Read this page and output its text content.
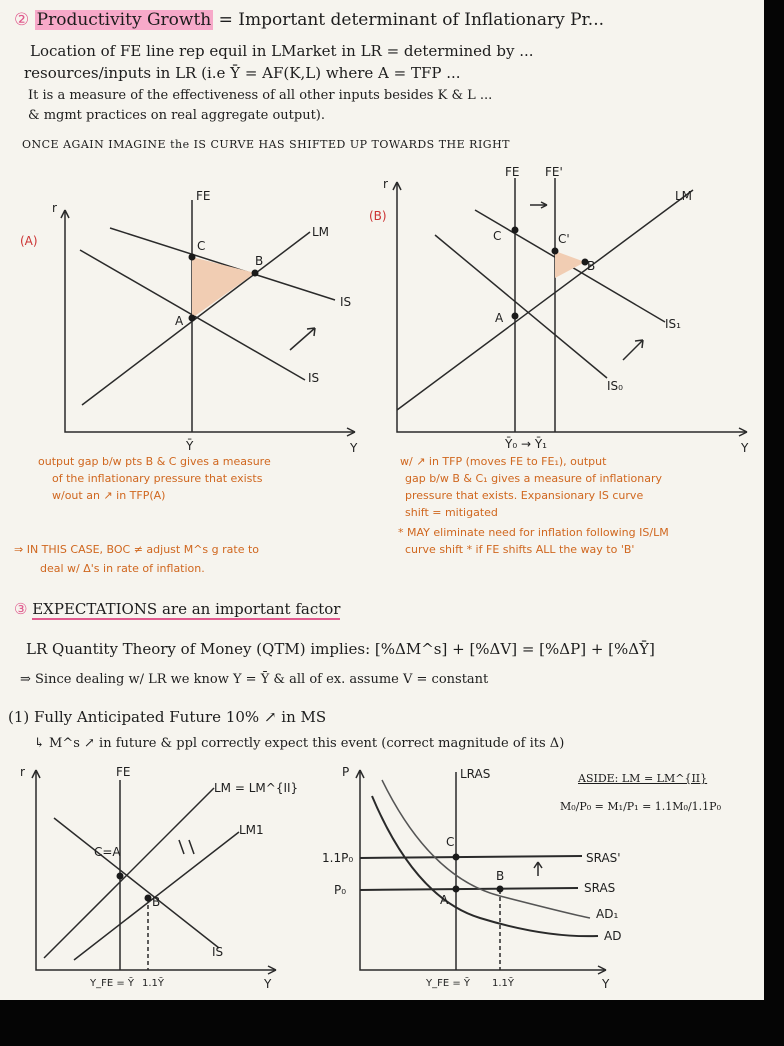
② Productivity Growth = Important determinant of Inflationary Pr...
Location of FE line rep equil in LMarket in LR = determined by ...
resources/inputs in LR (i.e Ȳ = AF(K,L) where A = TFP ...
It is a measure of the effectiveness of all other inputs besides K & L ...
& mgmt practices on real aggregate output).
ONCE AGAIN IMAGINE the IS CURVE HAS SHIFTED UP TOWARDS THE RIGHT
(A)
r
Y
FE
LM
IS
IS
A
B
C
Ȳ
(B)
r
Y
FE FE'
LM
IS₁
IS₀
A
B
C	C'
Ȳ₀ → Ȳ₁
output gap b/w pts B & C gives a measure
of the inflationary pressure that exists
w/out an ↗ in TFP(A)
⇒ IN THIS CASE, BOC ≠ adjust M^s g rate to
deal w/ Δ's in rate of inflation.
w/ ↗ in TFP (moves FE to FE₁), output
gap b/w B & C₁ gives a measure of inflationary
pressure that exists. Expansionary IS curve
shift = mitigated
* MAY eliminate need for inflation following IS/LM
curve shift * if FE shifts ALL the way to 'B'
③ EXPECTATIONS are an important factor
LR Quantity Theory of Money (QTM) implies: [%ΔM^s] + [%ΔV] = [%ΔP] + [%ΔȲ]
⇒ Since dealing w/ LR we know Y = Ȳ & all of ex. assume V = constant
(1) Fully Anticipated Future 10% ↗ in MS
↳ M^s ↗ in future & ppl correctly expect this event (correct magnitude of its Δ)
ASIDE: LM = LM^{II}
M₀/P₀ = M₁/P₁ = 1.1M₀/1.1P₀
r
Y
FE
LM = LM^{II}
LM1
IS
C=A
B
Y_FE = Ȳ 1.1Ȳ
P
Y
LRAS
SRAS'
SRAS
AD₁
AD
1.1P₀
P₀
A
B
C
Y_FE = Ȳ 1.1Ȳ
